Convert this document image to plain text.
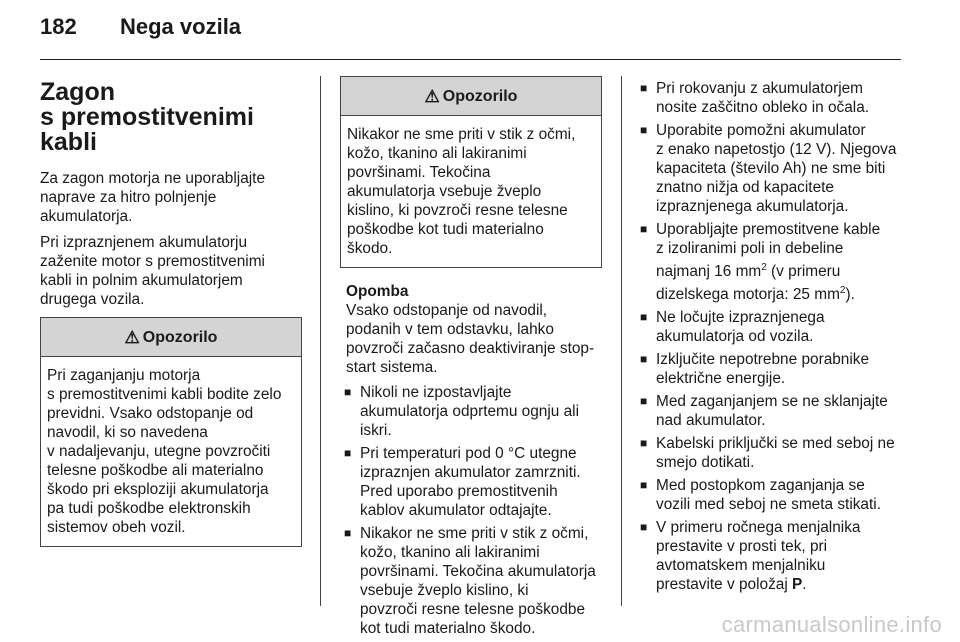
182 Nega vozila
Zagon
s premostitvenimi kabli

Za zagon motorja ne uporabljajte
naprave za hitro polnjenje
akumulatorja.

Pri izpraznjenem akumulatorju
zaženite motor s premostitvenimi
kabli in polnim akumulatorjem
drugega vozila.

⚠ Opozorilo
Pri zaganjanju motorja
s premostitvenimi kabli bodite zelo
previdni. Vsako odstopanje od
navodil, ki so navedena
v nadaljevanju, utegne povzročiti
telesne poškodbe ali materialno
škodo pri eksploziji akumulatorja
pa tudi poškodbe elektronskih
sistemov obeh vozil.
⚠ Opozorilo
Nikakor ne sme priti v stik z očmi,
kožo, tkanino ali lakiranimi
površinami. Tekočina
akumulatorja vsebuje žveplo
kislino, ki povzroči resne telesne
poškodbe kot tudi materialno
škodo.
Opomba
Vsako odstopanje od navodil,
podanih v tem odstavku, lahko
povzroči začasno deaktiviranje stop-
start sistema.
■ Nikoli ne izpostavljajte
akumulatorja odprtemu ognju ali
iskri.
■ Pri temperaturi pod 0 °C utegne
izpraznjen akumulator zamrzniti.
Pred uporabo premostitvenih
kablov akumulator odtajajte.
■ Nikakor ne sme priti v stik z očmi,
kožo, tkanino ali lakiranimi
površinami. Tekočina akumulatorja
vsebuje žveplo kislino, ki
povzroči resne telesne poškodbe
kot tudi materialno škodo.
■ Pri rokovanju z akumulatorjem
nosite zaščitno obleko in očala.
■ Uporabite pomožni akumulator
z enako napetostjo (12 V). Njegova
kapaciteta (število Ah) ne sme biti
znatno nižja od kapacitete
izpraznjenega akumulatorja.
■ Uporabljajte premostitvene kable
z izoliranimi poli in debeline
najmanj 16 $mm^2$ (v primeru
dizelskega motorja: 25 $mm^2$).
■ Ne ločujte izpraznjenega
akumulatorja od vozila.
■ Izključite nepotrebne porabnike
električne energije.
■ Med zaganjanjem se ne sklanjajte
nad akumulator.
■ Kabelski priključki se med seboj ne
smejo dotikati.
■ Med postopkom zaganjanja se
vozili med seboj ne smeta stikati.
■ V primeru ročnega menjalnika
prestavite v prosti tek, pri
avtomatskem menjalniku
prestavite v položaj P.
carmanualsonline.info
